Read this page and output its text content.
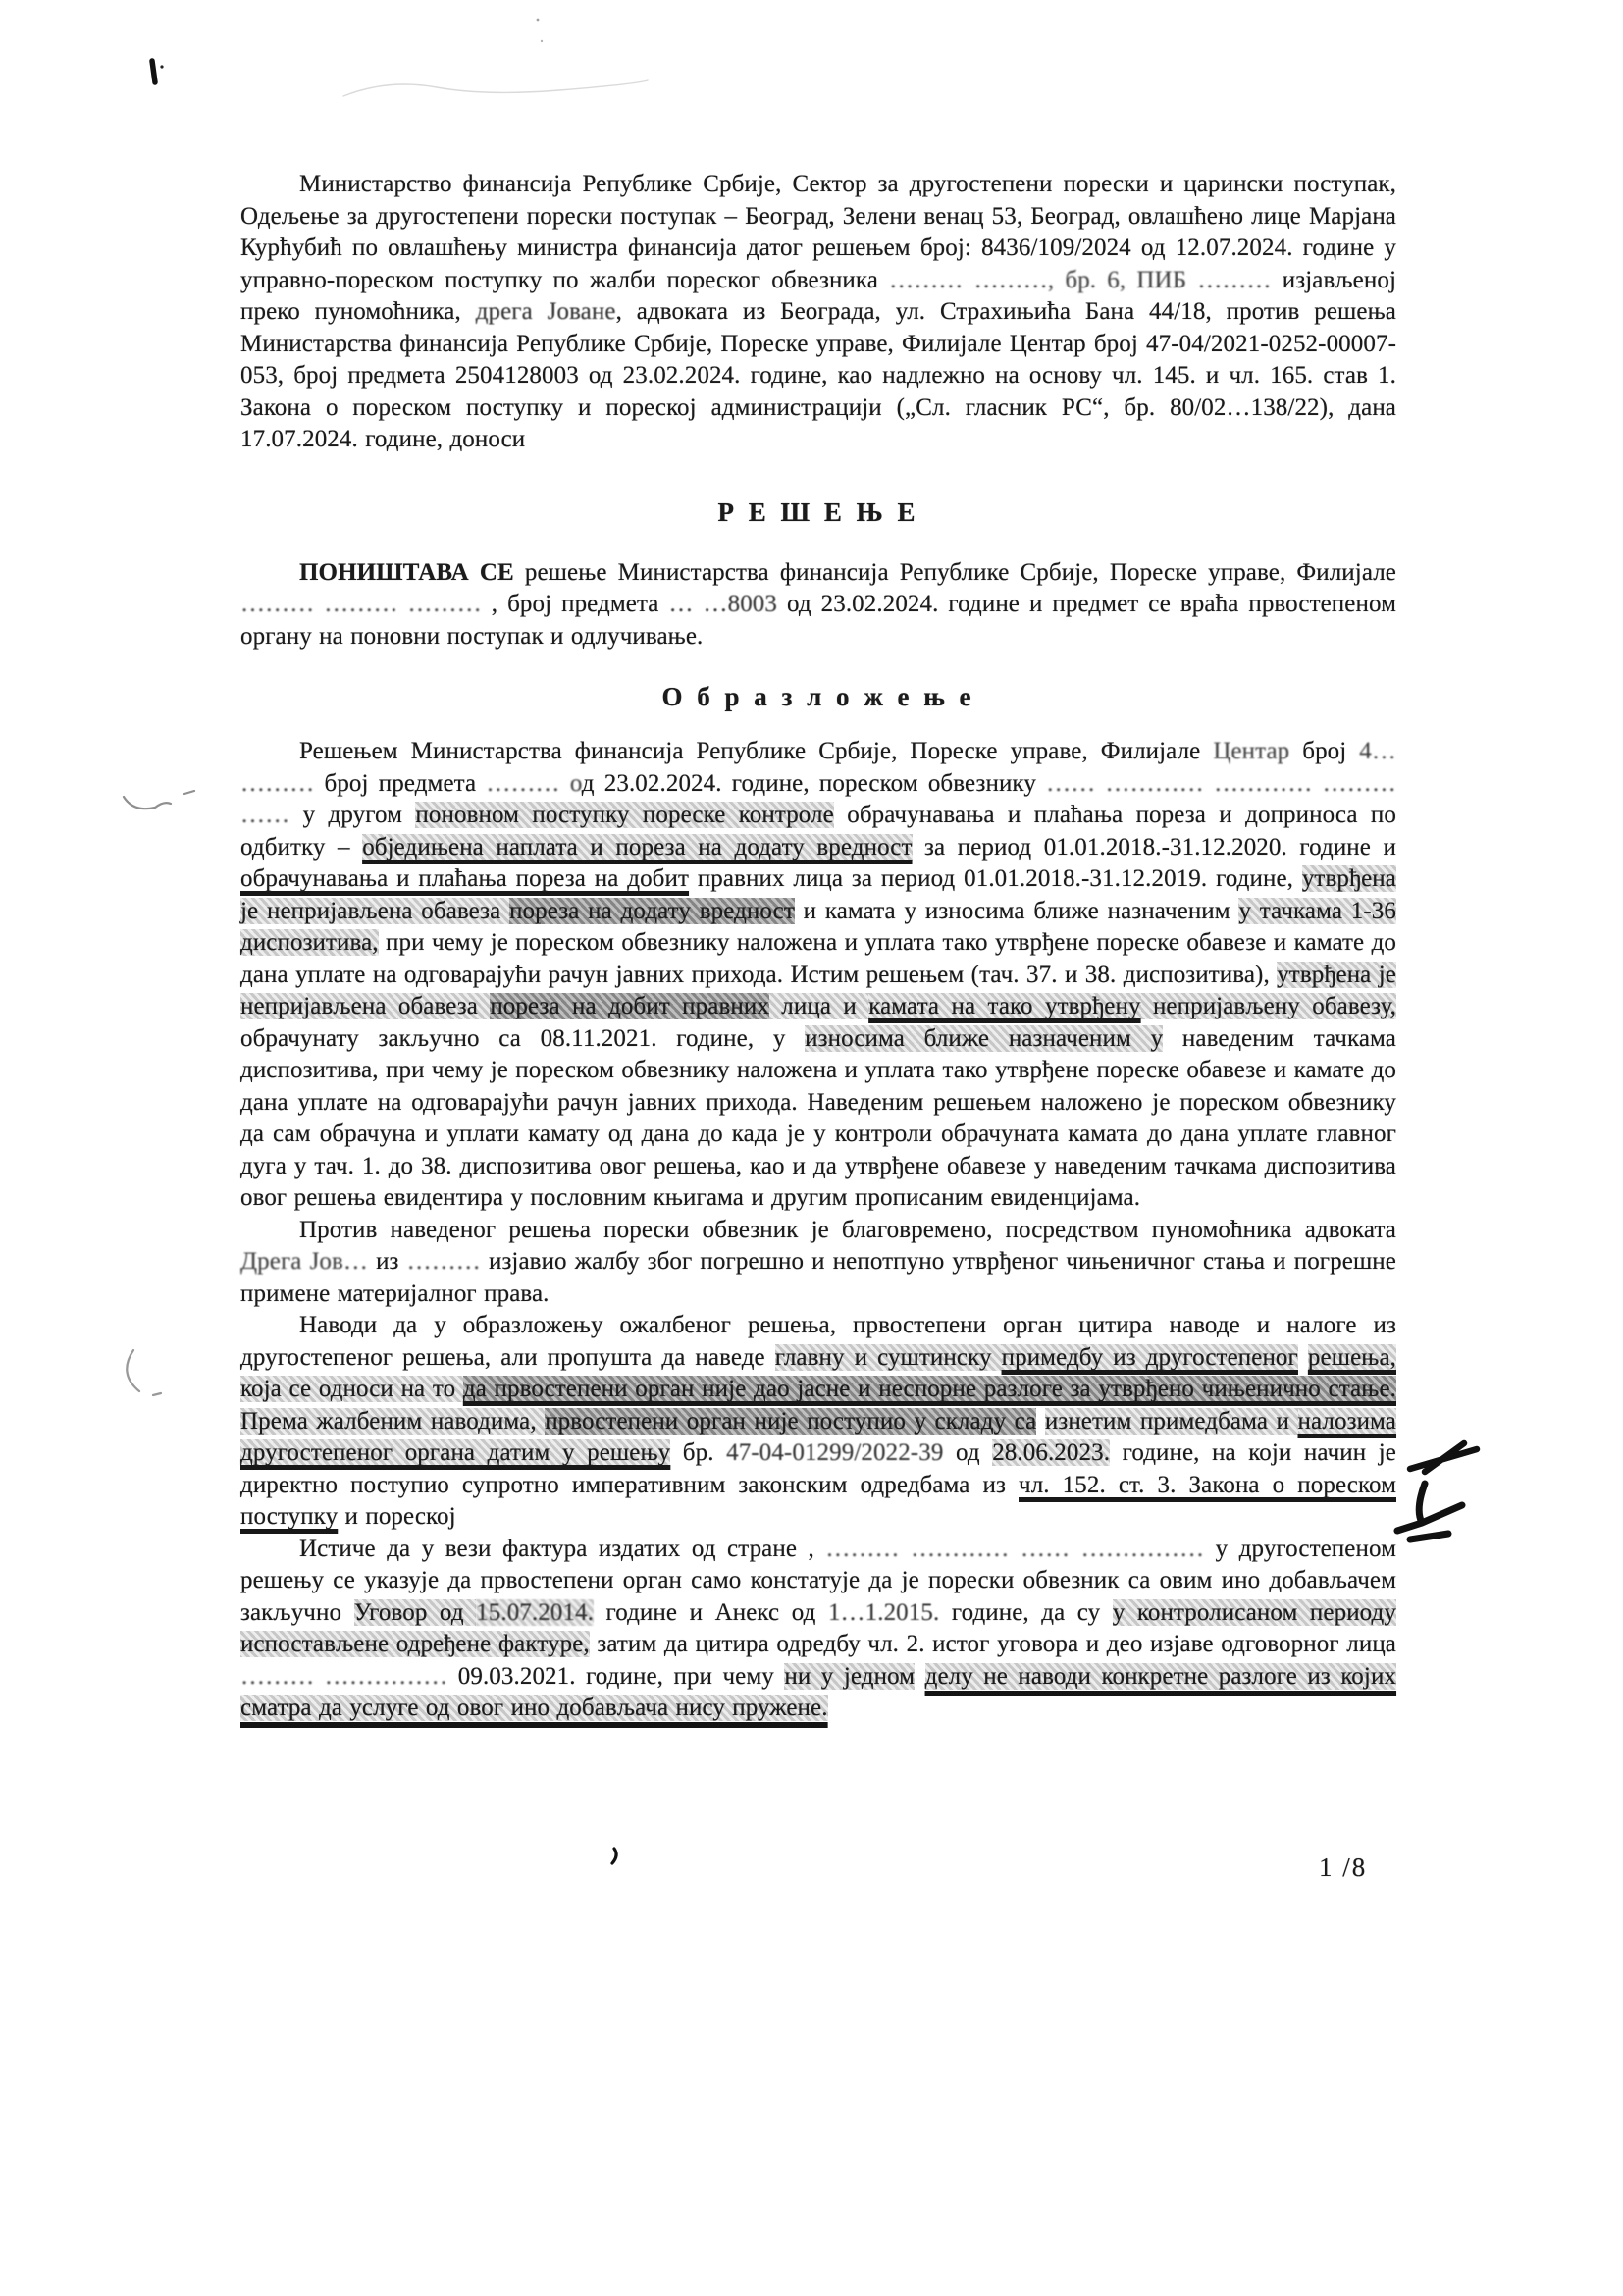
Министарство финансија Републике Србије, Сектор за другостепени порески и царински поступак, Одељење за другостепени порески поступак – Београд, Зелени венац 53, Београд, овлашћено лице Марјана Курћубић по овлашћењу министра финансија датог решењем број: 8436/109/2024 од 12.07.2024. године у управно-пореском поступку по жалби пореског обвезника ……… ………, бр. 6, ПИБ ……… изјављеној преко пуномоћника, дрега Јоване, адвоката из Београда, ул. Страхињића Бана 44/18, против решења Министарства финансија Републике Србије, Пореске управе, Филијале Центар број 47-04/2021-0252-00007-053, број предмета 2504128003 од 23.02.2024. године, као надлежно на основу чл. 145. и чл. 165. став 1. Закона о пореском поступку и пореској администрацији („Сл. гласник РС“, бр. 80/02…138/22), дана 17.07.2024. године, доноси
Р Е Ш Е Њ Е
ПОНИШТАВА СЕ решење Министарства финансија Републике Србије, Пореске управе, Филијале ……… ……… ……… , број предмета … …8003 од 23.02.2024. године и предмет се враћа првостепеном органу на поновни поступак и одлучивање.
О б р а з л о ж е њ е
Решењем Министарства финансија Републике Србије, Пореске управе, Филијале Центар број 4… ……… број предмета ……… од 23.02.2024. године, пореском обвезнику …… ………… ………… ……… …… у другом поновном поступку пореске контроле обрачунавања и плаћања пореза и доприноса по одбитку – обједињена наплата и пореза на додату вредност за период 01.01.2018.-31.12.2020. године и обрачунавања и плаћања пореза на добит правних лица за период 01.01.2018.-31.12.2019. године, утврђена је непријављена обавеза пореза на додату вредност и камата у износима ближе назначеним у тачкама 1-36 диспозитива, при чему је пореском обвезнику наложена и уплата тако утврђене пореске обавезе и камате до дана уплате на одговарајући рачун јавних прихода. Истим решењем (тач. 37. и 38. диспозитива), утврђена је непријављена обавеза пореза на добит правних лица и камата на тако утврђену непријављену обавезу, обрачунату закључно са 08.11.2021. године, у износима ближе назначеним у наведеним тачкама диспозитива, при чему је пореском обвезнику наложена и уплата тако утврђене пореске обавезе и камате до дана уплате на одговарајући рачун јавних прихода. Наведеним решењем наложено је пореском обвезнику да сам обрачуна и уплати камату од дана до када је у контроли обрачуната камата до дана уплате главног дуга у тач. 1. до 38. диспозитива овог решења, као и да утврђене обавезе у наведеним тачкама диспозитива овог решења евидентира у пословним књигама и другим прописаним евиденцијама.
Против наведеног решења порески обвезник је благовремено, посредством пуномоћника адвоката Дрега Јов… из ……… изјавио жалбу због погрешно и непотпуно утврђеног чињеничног стања и погрешне примене материјалног права.
Наводи да у образложењу ожалбеног решења, првостепени орган цитира наводе и налоге из другостепеног решења, али пропушта да наведе главну и суштинску примедбу из другостепеног решења, која се односи на то да првостепени орган није дао јасне и неспорне разлоге за утврђено чињенично стање. Према жалбеним наводима, првостепени орган није поступио у складу са изнетим примедбама и налозима другостепеног органа датим у решењу бр. 47-04-01299/2022-39 од 28.06.2023. године, на који начин је директно поступио супротно императивним законским одредбама из чл. 152. ст. 3. Закона о пореском поступку и пореској
Истиче да у вези фактура издатих од стране , ……… ………… …… …………… у другостепеном решењу се указује да првостепени орган само констатује да је порески обвезник са овим ино добављачем закључно Уговор од 15.07.2014. године и Анекс од 1…1.2015. године, да су у контролисаном периоду испостављене одређене фактуре, затим да цитира одредбу чл. 2. истог уговора и део изјаве одговорног лица ……… …………… 09.03.2021. године, при чему ни у једном делу не наводи конкретне разлоге из којих сматра да услуге од овог ино добављача нису пружене.
1 /8
